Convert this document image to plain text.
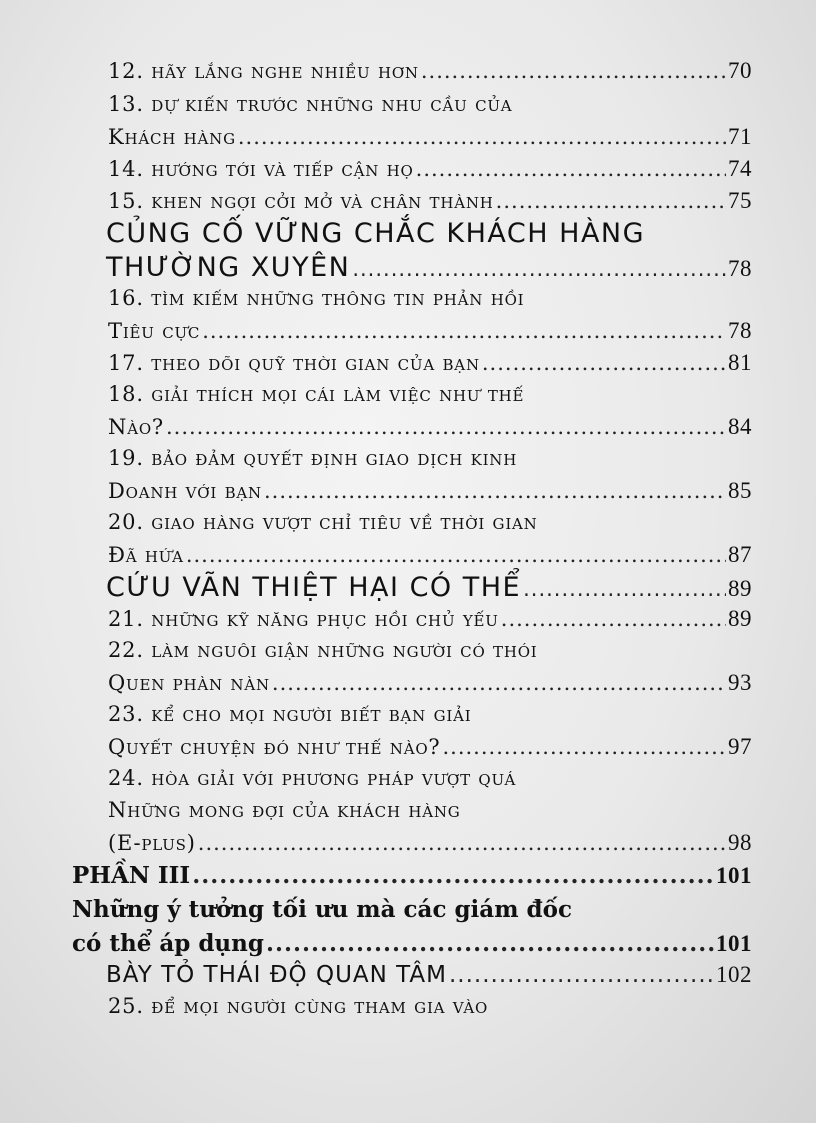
12. hãy lắng nghe nhiều hơn .....	70
13. dự kiến trước những nhu cầu của
Khách hàng .....	71
14. hướng tới và tiếp cận họ .....	74
15. khen ngợi cởi mở và chân thành .....	75
CỦNG CỐ VỮNG CHẮC KHÁCH HÀNG
THƯỜNG XUYÊN .....	78
16. tìm kiếm những thông tin phản hồi
Tiêu cực .....	78
17. theo dõi quỹ thời gian của bạn .....	81
18. giải thích mọi cái làm việc như thế
Nào? .....	84
19. bảo đảm quyết định giao dịch kinh
Doanh với bạn .....	85
20. giao hàng vượt chỉ tiêu về thời gian
Đã hứa .....	87
CỨU VÃN THIỆT HẠI CÓ THỂ .....	89
21. những kỹ năng phục hồi chủ yếu .....	89
22. làm nguôi giận những người có thói
Quen phàn nàn .....	93
23. kể cho mọi người biết bạn giải
Quyết chuyện đó như thế nào? .....	97
24. hòa giải với phương pháp vượt quá
Những mong đợi của khách hàng
(E-plus) .....	98
PHẦN III .....	101
Những ý tưởng tối ưu mà các giám đốc
có thể áp dụng .....	101
BÀY TỎ THÁI ĐỘ QUAN TÂM .....	102
25. để mọi người cùng tham gia vào
